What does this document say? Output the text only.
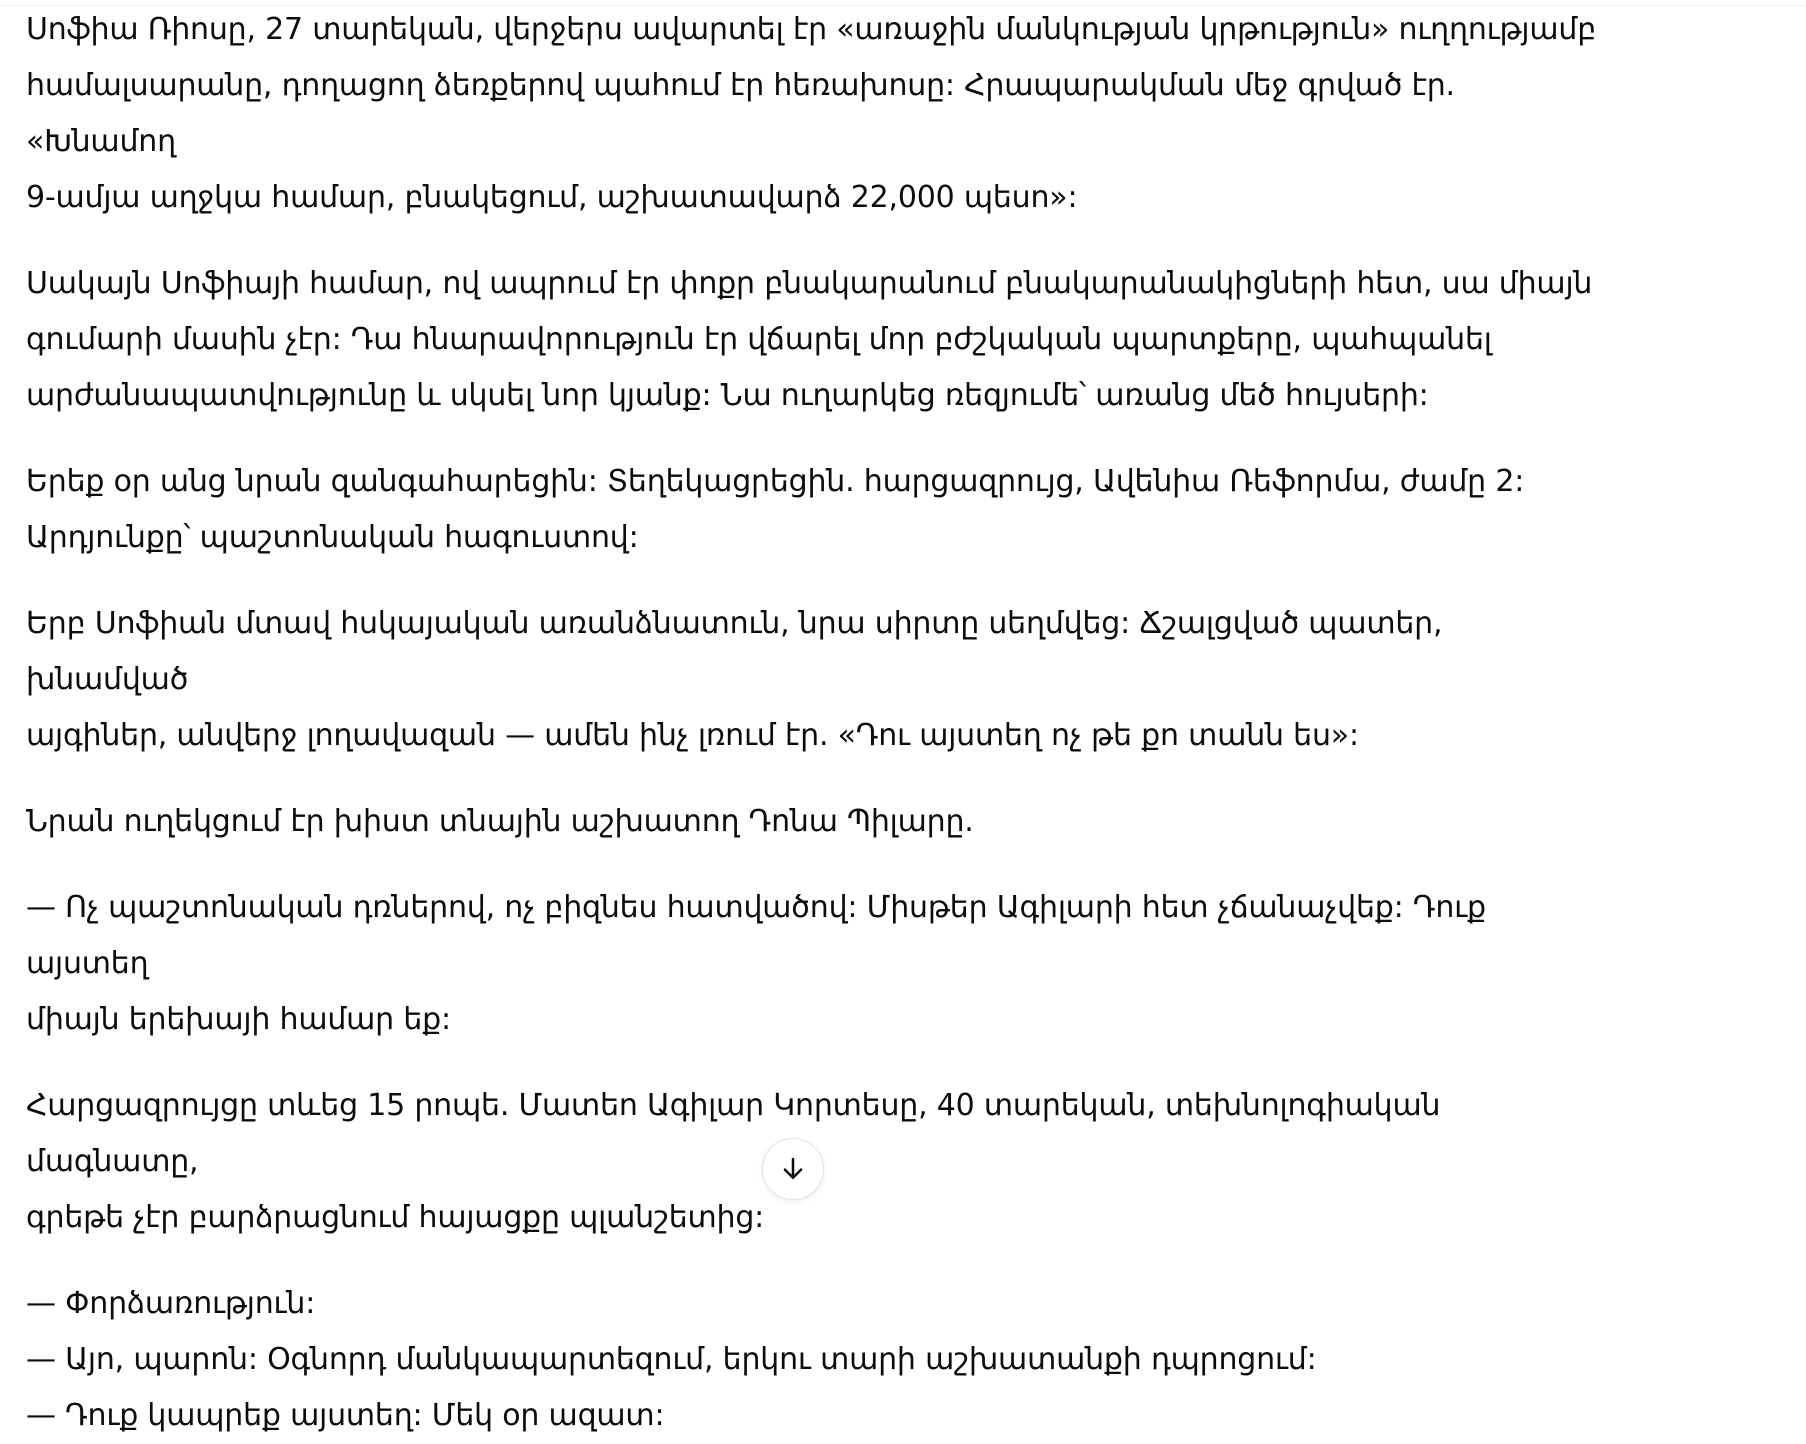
Սոֆիա Ռիոսը, 27 տարեկան, վերջերս ավարտել էր «առաջին մանկության կրթություն» ուղղությամբ
համալսարանը, դողացող ձեռքերով պահում էր հեռախոսը: Հրապարակման մեջ գրված էր. «Խնամող
9-ամյա աղջկա համար, բնակեցում, աշխատավարձ 22,000 պեսո»:

Սակայն Սոֆիայի համար, ով ապրում էր փոքր բնակարանում բնակարանակիցների հետ, սա միայն
գումարի մասին չէր: Դա հնարավորություն էր վճարել մոր բժշկական պարտքերը, պահպանել
արժանապատվությունը և սկսել նոր կյանք: Նա ուղարկեց ռեզյումե՝ առանց մեծ հույսերի:

Երեք օր անց նրան զանգահարեցին: Տեղեկացրեցին. հարցազրույց, Ավենիա Ռեֆորմա, ժամը 2:
Արդյունքը՝ պաշտոնական հագուստով:

Երբ Սոֆիան մտավ հսկայական առանձնատուն, նրա սիրտը սեղմվեց: Ճշալցված պատեր, խնամված
այգիներ, անվերջ լողավազան — ամեն ինչ լռում էր. «Դու այստեղ ոչ թե քո տանն ես»:

Նրան ուղեկցում էր խիստ տնային աշխատող Դոնա Պիլարը.

— Ոչ պաշտոնական դռներով, ոչ բիզնես հատվածով: Միսթեր Ագիլարի հետ չճանաչվեք: Դուք այստեղ
միայն երեխայի համար եք:

Հարցազրույցը տևեց 15 րոպե. Մատեո Ագիլար Կորտեսը, 40 տարեկան, տեխնոլոգիական մագնատը,
գրեթե չէր բարձրացնում հայացքը պլանշետից:

— Փորձառություն:

— Այո, պարոն: Օգնորդ մանկապարտեզում, երկու տարի աշխատանքի դպրոցում:

— Դուք կապրեք այստեղ: Մեկ օր ազատ:
